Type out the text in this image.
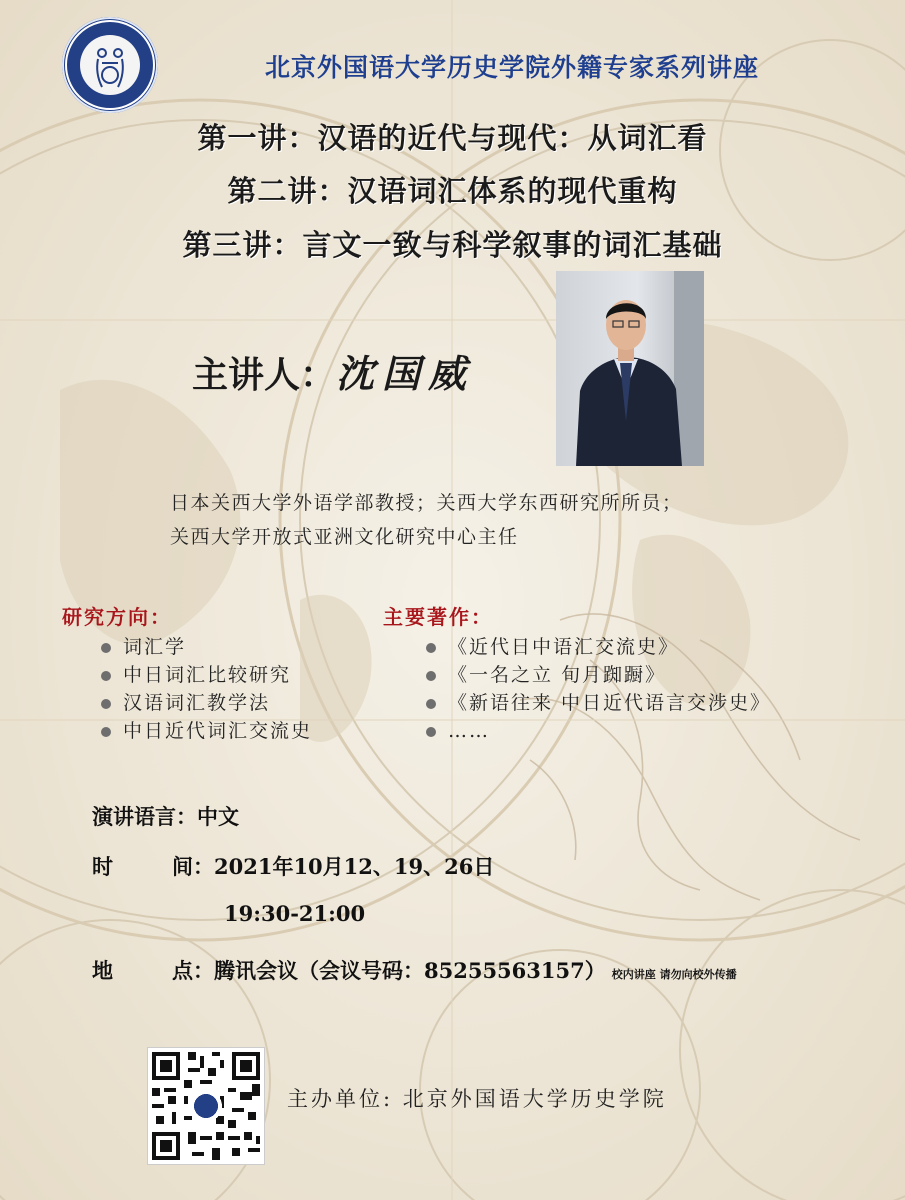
北京外国语大学历史学院外籍专家系列讲座
第一讲：汉语的近代与现代：从词汇看
第二讲：汉语词汇体系的现代重构
第三讲：言文一致与科学叙事的词汇基础
主讲人：沈国威
日本关西大学外语学部教授；关西大学东西研究所所员；
关西大学开放式亚洲文化研究中心主任
研究方向：	主要著作：
词汇学
中日词汇比较研究
汉语词汇教学法
中日近代词汇交流史
《近代日中语汇交流史》
《一名之立 旬月踟蹰》
《新语往来 中日近代语言交涉史》
……
演讲语言：中文
时	间：2021年10月12、19、26日
19:30-21:00
地	点：腾讯会议（会议号码：85255563157） 校内讲座 请勿向校外传播
主办单位: 北京外国语大学历史学院
